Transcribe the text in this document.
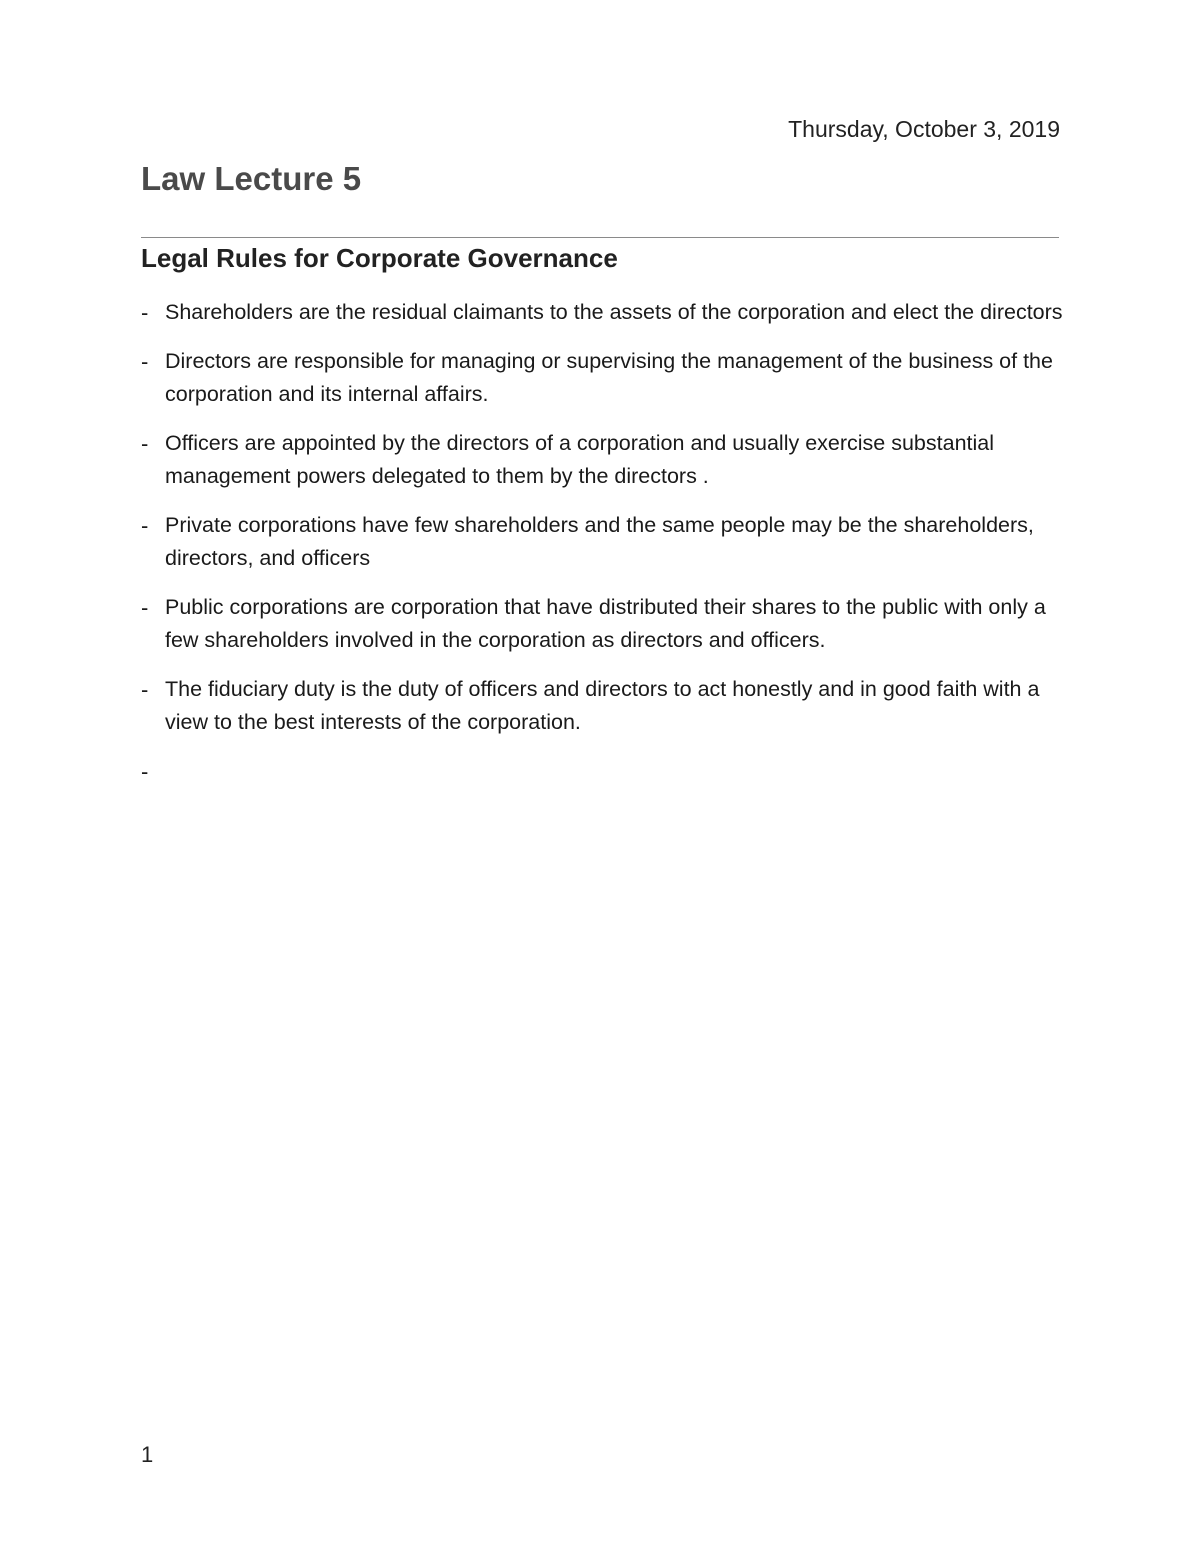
Thursday, October 3, 2019
Law Lecture 5
Legal Rules for Corporate Governance
- Shareholders are the residual claimants to the assets of the corporation and elect the directors
- Directors are responsible for managing or supervising the management of the business of the corporation and its internal affairs.
- Officers are appointed by the directors of a corporation and usually exercise substantial management powers delegated to them by the directors .
- Private corporations have few shareholders and the same people may be the shareholders, directors, and officers
- Public corporations are corporation that have distributed their shares to the public with only a few shareholders involved in the corporation as directors and officers.
- The fiduciary duty is the duty of officers and directors to act honestly and in good faith with a view to the best interests of the corporation.
-
1
